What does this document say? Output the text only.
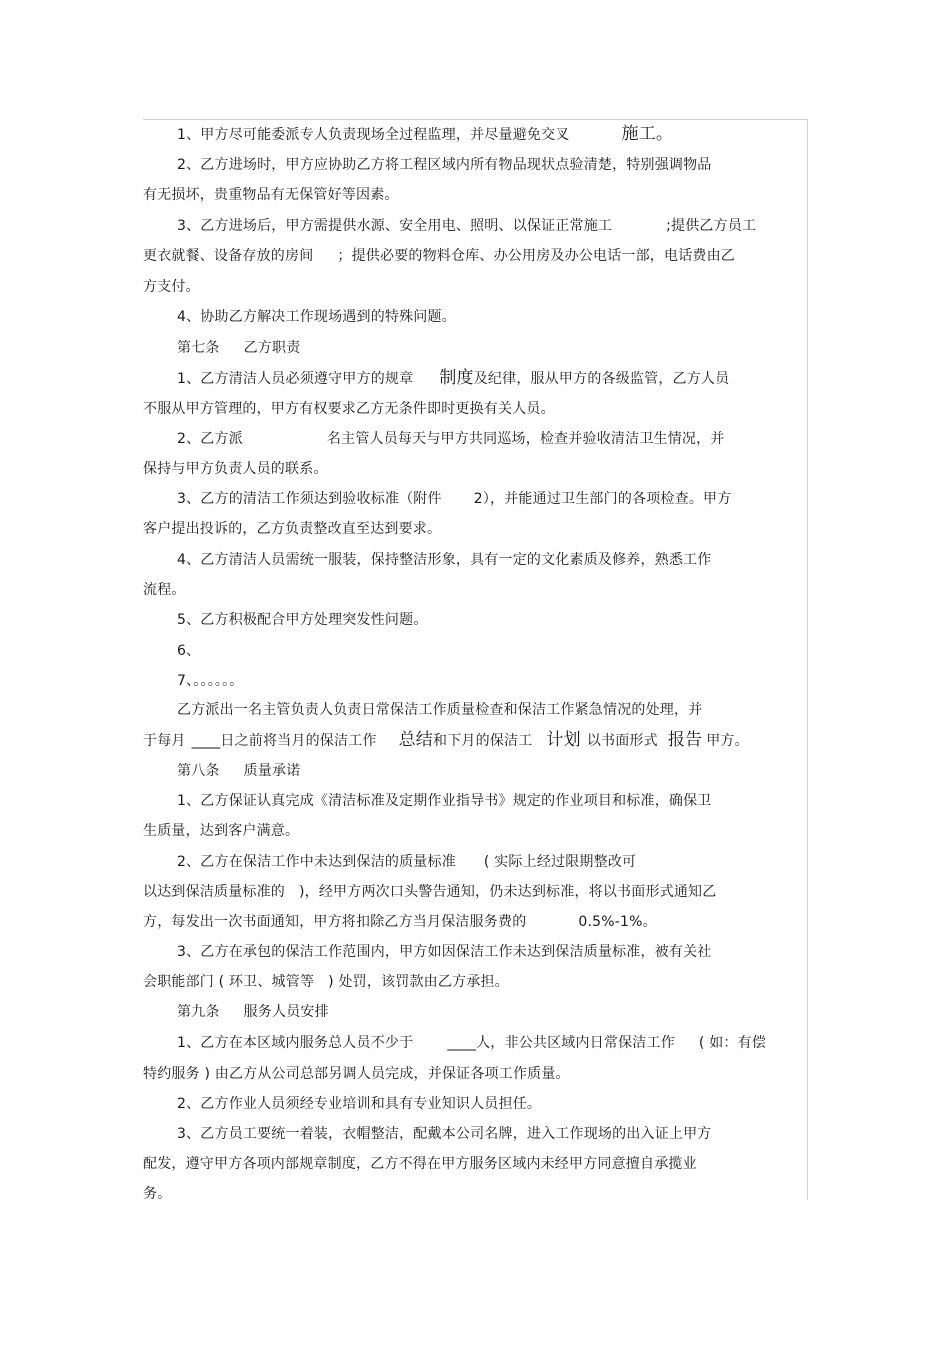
1、甲方尽可能委派专人负责现场全过程监理，并尽量避免交叉	施工。
2、乙方进场时，甲方应协助乙方将工程区域内所有物品现状点验清楚，特别强调物品
有无损坏，贵重物品有无保管好等因素。
3、乙方进场后，甲方需提供水源、安全用电、照明、以保证正常施工	;提供乙方员工
更衣就餐、设备存放的房间 ；提供必要的物料仓库、办公用房及办公电话一部，电话费由乙
方支付。
4、协助乙方解决工作现场遇到的特殊问题。
第七条 乙方职责
1、乙方清洁人员必须遵守甲方的规章 制度及纪律，服从甲方的各级监管，乙方人员
不服从甲方管理的，甲方有权要求乙方无条件即时更换有关人员。
2、乙方派	名主管人员每天与甲方共同巡场，检查并验收清洁卫生情况，并
保持与甲方负责人员的联系。
3、乙方的清洁工作须达到验收标准（附件 2），并能通过卫生部门的各项检查。甲方
客户提出投诉的，乙方负责整改直至达到要求。
4、乙方清洁人员需统一服装，保持整洁形象，具有一定的文化素质及修养，熟悉工作
流程。
5、乙方积极配合甲方处理突发性问题。
6、
7、。。。。。。
乙方派出一名主管负责人负责日常保洁工作质量检查和保洁工作紧急情况的处理，并
于每月 ____日之前将当月的保洁工作 总结和下月的保洁工 计划 以书面形式 报告 甲方。
第八条 质量承诺
1、乙方保证认真完成《清洁标准及定期作业指导书》规定的作业项目和标准，确保卫
生质量，达到客户满意。
2、乙方在保洁工作中未达到保洁的质量标准 ( 实际上经过限期整改可
以达到保洁质量标准的 )，经甲方两次口头警告通知，仍未达到标准，将以书面形式通知乙
方，每发出一次书面通知，甲方将扣除乙方当月保洁服务费的	0.5%-1%。
3、乙方在承包的保洁工作范围内，甲方如因保洁工作未达到保洁质量标准，被有关社
会职能部门 ( 环卫、城管等 ) 处罚，该罚款由乙方承担。
第九条 服务人员安排
1、乙方在本区域内服务总人员不少于 ____人，非公共区域内日常保洁工作 ( 如：有偿
特约服务 ) 由乙方从公司总部另调人员完成，并保证各项工作质量。
2、乙方作业人员须经专业培训和具有专业知识人员担任。
3、乙方员工要统一着装，衣帽整洁，配戴本公司名牌，进入工作现场的出入证上甲方
配发，遵守甲方各项内部规章制度，乙方不得在甲方服务区域内未经甲方同意擅自承揽业
务。
